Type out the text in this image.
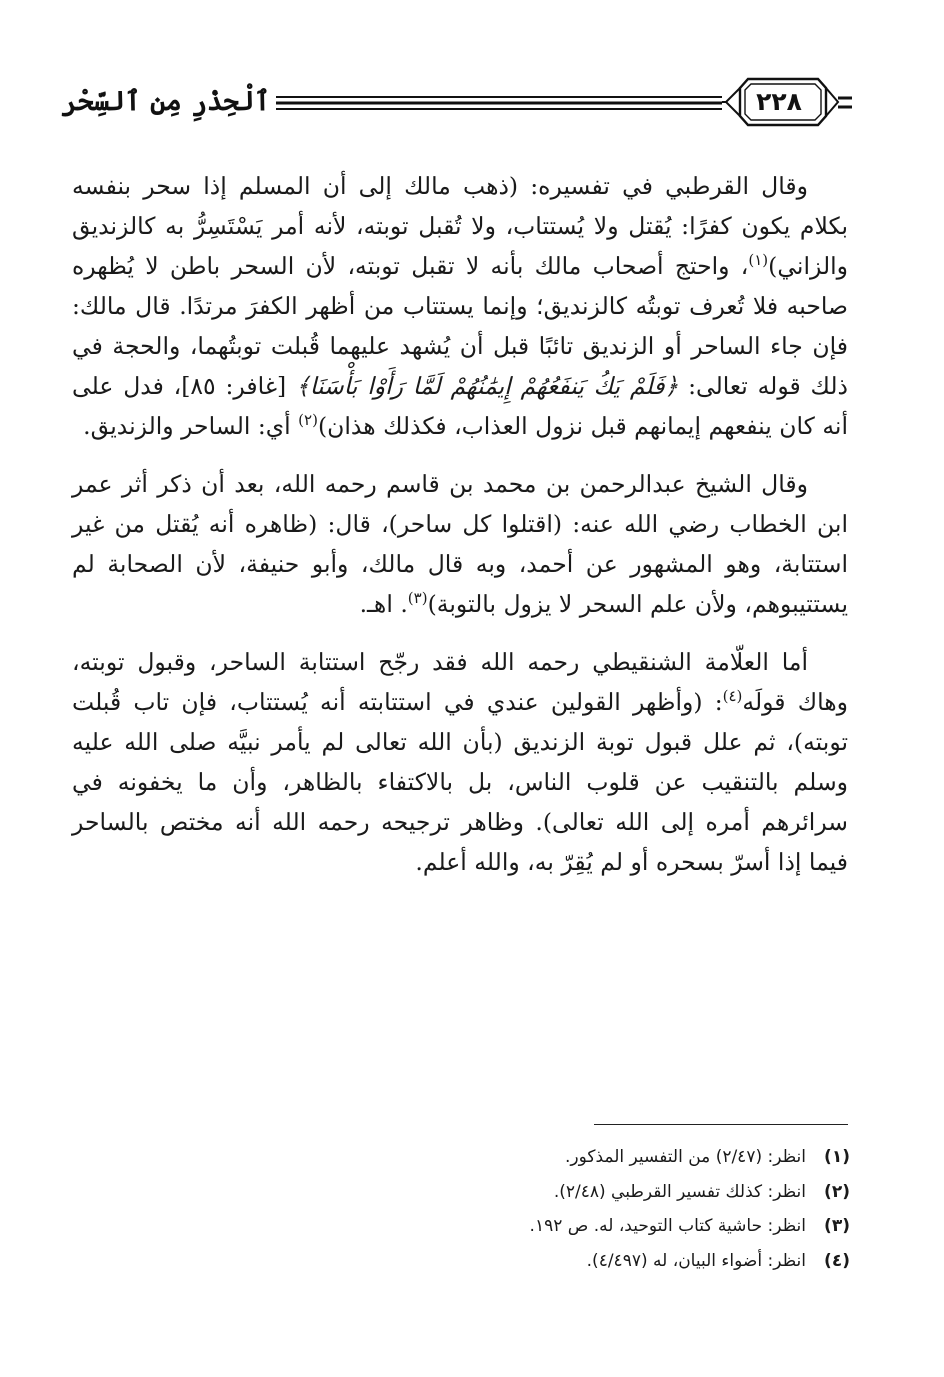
٢٢٨
ٱلْحِذْرِ مِن ٱلسِّحْر

وقال القرطبي في تفسيره: (ذهب مالك إلى أن المسلم إذا سحر بنفسه بكلام يكون كفرًا: يُقتل ولا يُستتاب، ولا تُقبل توبته، لأنه أمر يَسْتَسِرُّ به كالزنديق والزاني)$^{(١)}$، واحتج أصحاب مالك بأنه لا تقبل توبته، لأن السحر باطن لا يُظهره صاحبه فلا تُعرف توبتُه كالزنديق؛ وإنما يستتاب من أظهر الكفرَ مرتدًا. قال مالك: فإن جاء الساحر أو الزنديق تائبًا قبل أن يُشهد عليهما قُبلت توبتُهما، والحجة في ذلك قوله تعالى: ﴿فَلَمْ يَكُ يَنفَعُهُمْ إِيمَٰنُهُمْ لَمَّا رَأَوْا بَأْسَنَا﴾ [غافر: ٨٥]، فدل على أنه كان ينفعهم إيمانهم قبل نزول العذاب، فكذلك هذان)$^{(٢)}$ أي: الساحر والزنديق.

وقال الشيخ عبدالرحمن بن محمد بن قاسم رحمه الله، بعد أن ذكر أثر عمر ابن الخطاب رضي الله عنه: (اقتلوا كل ساحر)، قال: (ظاهره أنه يُقتل من غير استتابة، وهو المشهور عن أحمد، وبه قال مالك، وأبو حنيفة، لأن الصحابة لم يستتيبوهم، ولأن علم السحر لا يزول بالتوبة)$^{(٣)}$. اهـ.

أما العلّامة الشنقيطي رحمه الله فقد رجّح استتابة الساحر، وقبول توبته، وهاك قولَه$^{(٤)}$: (وأظهر القولين عندي في استتابته أنه يُستتاب، فإن تاب قُبلت توبته)، ثم علل قبول توبة الزنديق (بأن الله تعالى لم يأمر نبيَّه صلى الله عليه وسلم بالتنقيب عن قلوب الناس، بل بالاكتفاء بالظاهر، وأن ما يخفونه في سرائرهم أمره إلى الله تعالى). وظاهر ترجيحه رحمه الله أنه مختص بالساحر فيما إذا أسرّ بسحره أو لم يُقِرّ به، والله أعلم.

(١)
انظر: (٢/٤٧) من التفسير المذكور.
(٢)
انظر: كذلك تفسير القرطبي (٢/٤٨).
(٣)
انظر: حاشية كتاب التوحيد، له. ص ١٩٢.
(٤)
انظر: أضواء البيان، له (٤/٤٩٧).
